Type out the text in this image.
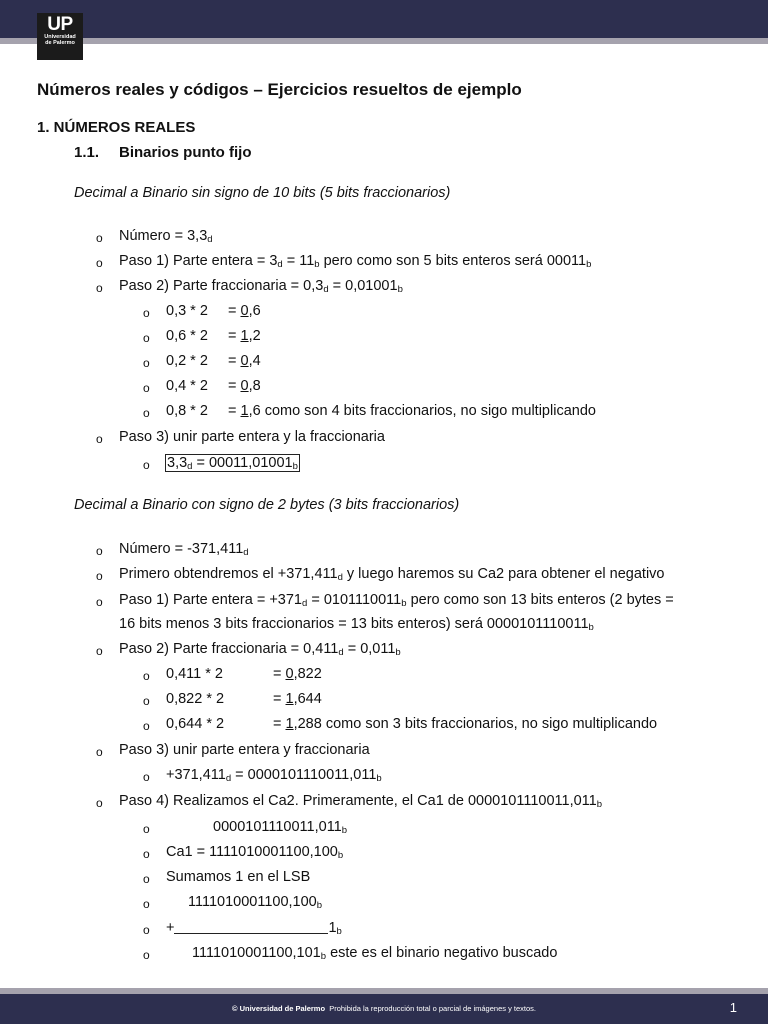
UP
Universidad
de Palermo
Números reales y códigos – Ejercicios resueltos de ejemplo
1. NÚMEROS REALES
1.1. Binarios punto fijo
Decimal a Binario sin signo de 10 bits (5 bits fraccionarios)
o Número = $3,3_d$
o Paso 1) Parte entera = $3_d = 11_b$ pero como son 5 bits enteros será $00011_b$
o Paso 2) Parte fraccionaria = $0,3_d = 0,01001_b$
o 0,3 * 2 = 0,6
o 0,6 * 2 = 1,2
o 0,2 * 2 = 0,4
o 0,4 * 2 = 0,8
o 0,8 * 2 = 1,6 como son 4 bits fraccionarios, no sigo multiplicando
o Paso 3) unir parte entera y la fraccionaria
o $3,3_d = 00011,01001_b$
Decimal a Binario con signo de 2 bytes (3 bits fraccionarios)
o Número = $-371,411_d$
o Primero obtendremos el $+371,411_d$ y luego haremos su Ca2 para obtener el negativo
o Paso 1) Parte entera = $+371_d = 0101110011_b$ pero como son 13 bits enteros (2 bytes =
16 bits menos 3 bits fraccionarios = 13 bits enteros) será $0000101110011_b$
o Paso 2) Parte fraccionaria = $0,411_d = 0,011_b$
o 0,411 * 2	= 0,822
o 0,822 * 2	= 1,644
o 0,644 * 2	= 1,288 como son 3 bits fraccionarios, no sigo multiplicando
o Paso 3) unir parte entera y fraccionaria
$o +371,411_d = 0000101110011,011_b$
o Paso 4) Realizamos el Ca2. Primeramente, el Ca1 de $0000101110011,011_b$
o	$0000101110011,011_b$
o $Ca1 = 1111010001100,100_b$
o Sumamos 1 en el LSB
o	$1111010001100,100_b$
o +	$1_b$
o	$1111010001100,101_b$ este es el binario negativo buscado
© Universidad de Palermo Prohibida la reproducción total o parcial de imágenes y textos.	1
